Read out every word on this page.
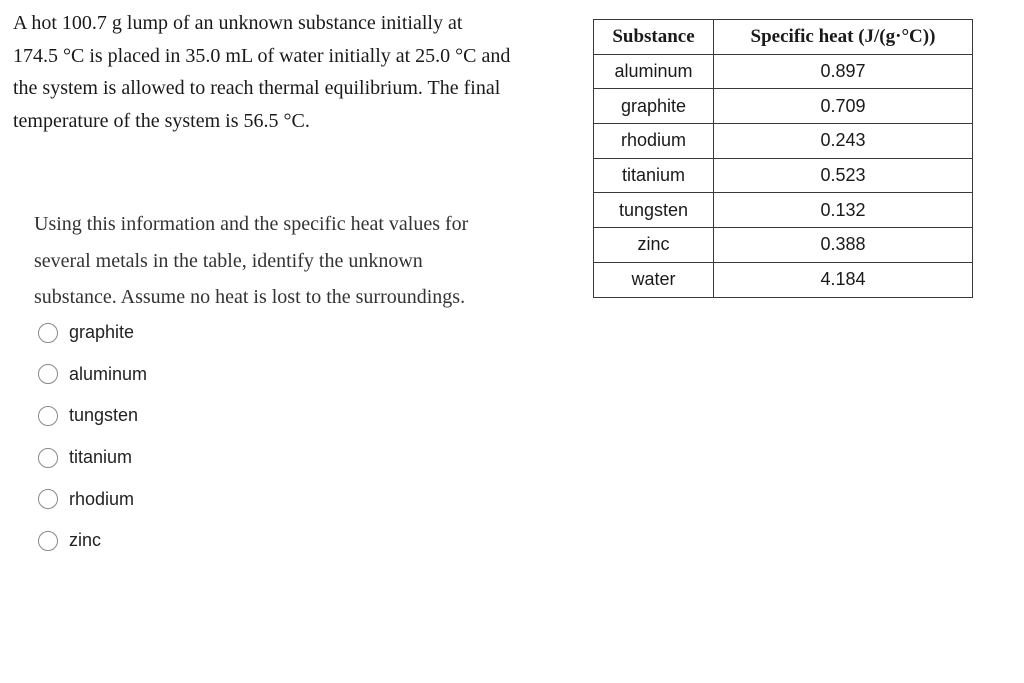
A hot 100.7 g lump of an unknown substance initially at
174.5 °C is placed in 35.0 mL of water initially at 25.0 °C and
the system is allowed to reach thermal equilibrium. The final
temperature of the system is 56.5 °C.

Using this information and the specific heat values for
several metals in the table, identify the unknown
substance. Assume no heat is lost to the surroundings.
graphite
aluminum
tungsten
titanium
rhodium
zinc
Substance	Specific heat (J/(g·°C))
aluminum	0.897
graphite	0.709
rhodium	0.243
titanium	0.523
tungsten	0.132
zinc	0.388
water	4.184
